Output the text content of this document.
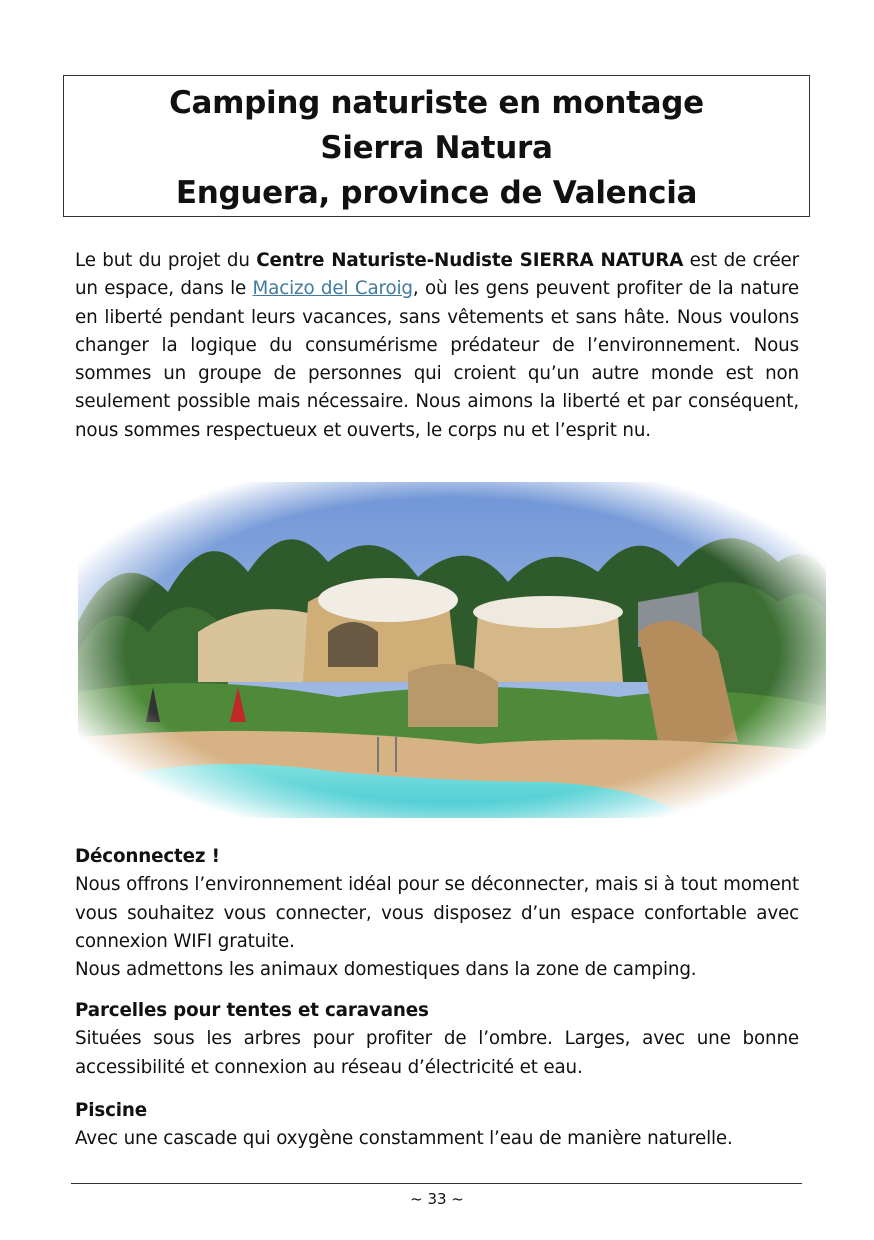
Camping naturiste en montage
Sierra Natura
Enguera, province de Valencia
Le but du projet du Centre Naturiste-Nudiste SIERRA NATURA est de créer un espace, dans le Macizo del Caroig, où les gens peuvent profiter de la nature en liberté pendant leurs vacances, sans vêtements et sans hâte. Nous voulons changer la logique du consumérisme prédateur de l’environnement. Nous sommes un groupe de personnes qui croient qu’un autre monde est non seulement possible mais nécessaire. Nous aimons la liberté et par conséquent, nous sommes respectueux et ouverts, le corps nu et l’esprit nu.
Déconnectez !
Nous offrons l’environnement idéal pour se déconnecter, mais si à tout moment vous souhaitez vous connecter, vous disposez d’un espace confortable avec connexion WIFI gratuite.
Nous admettons les animaux domestiques dans la zone de camping.
Parcelles pour tentes et caravanes
Situées sous les arbres pour profiter de l’ombre. Larges, avec une bonne accessibilité et connexion au réseau d’électricité et eau.
Piscine
Avec une cascade qui oxygène constamment l’eau de manière naturelle.
~ 33 ~
